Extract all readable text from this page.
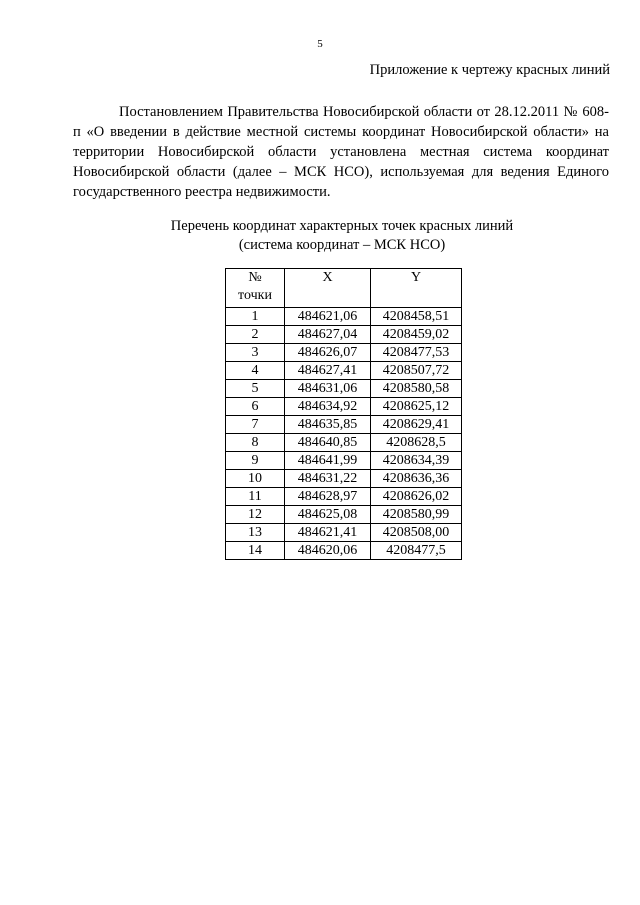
5
Приложение к чертежу красных линий

Постановлением Правительства Новосибирской области от 28.12.2011 № 608-п «О введении в действие местной системы координат Новосибирской области» на территории Новосибирской области установлена местная система координат Новосибирской области (далее – МСК НСО), используемая для ведения Единого государственного реестра недвижимости.

Перечень координат характерных точек красных линий
(система координат – МСК НСО)
№
точки	X	Y
1	484621,06	4208458,51
2	484627,04	4208459,02
3	484626,07	4208477,53
4	484627,41	4208507,72
5	484631,06	4208580,58
6	484634,92	4208625,12
7	484635,85	4208629,41
8	484640,85	4208628,5
9	484641,99	4208634,39
10	484631,22	4208636,36
11	484628,97	4208626,02
12	484625,08	4208580,99
13	484621,41	4208508,00
14	484620,06	4208477,5
